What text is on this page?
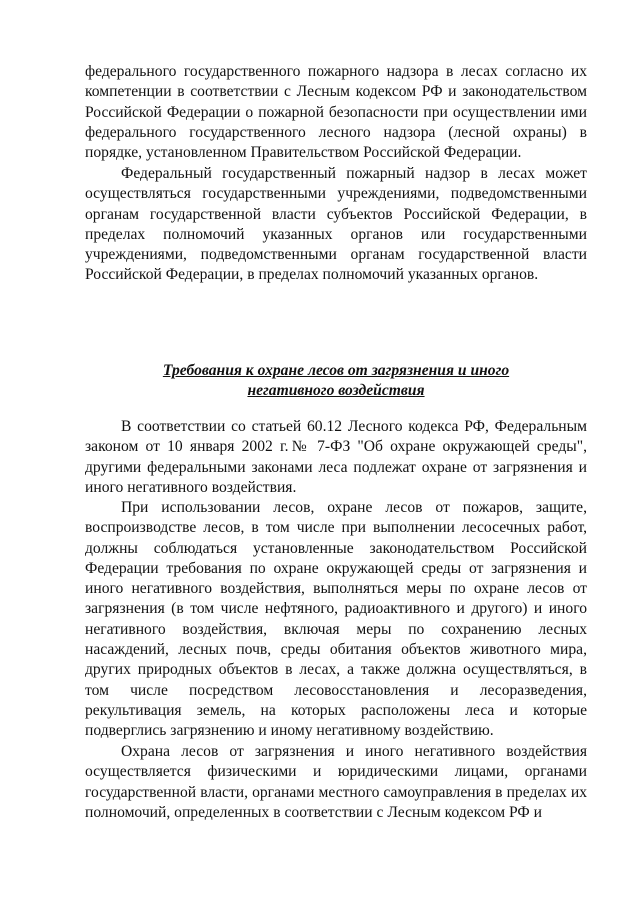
федерального государственного пожарного надзора в лесах согласно их компетенции в соответствии с Лесным кодексом РФ и законодательством Российской Федерации о пожарной безопасности при осуществлении ими федерального государственного лесного надзора (лесной охраны) в порядке, установленном Правительством Российской Федерации.

Федеральный государственный пожарный надзор в лесах может осуществляться государственными учреждениями, подведомственными органам государственной власти субъектов Российской Федерации, в пределах полномочий указанных органов или государственными учреждениями, подведомственными органам государственной власти Российской Федерации, в пределах полномочий указанных органов.

Требования к охране лесов от загрязнения и иного
негативного воздействия

В соответствии со статьей 60.12 Лесного кодекса РФ, Федеральным законом от 10 января 2002 г.№ 7-ФЗ "Об охране окружающей среды", другими федеральными законами леса подлежат охране от загрязнения и иного негативного воздействия.

При использовании лесов, охране лесов от пожаров, защите, воспроизводстве лесов, в том числе при выполнении лесосечных работ, должны соблюдаться установленные законодательством Российской Федерации требования по охране окружающей среды от загрязнения и иного негативного воздействия, выполняться меры по охране лесов от загрязнения (в том числе нефтяного, радиоактивного и другого) и иного негативного воздействия, включая меры по сохранению лесных насаждений, лесных почв, среды обитания объектов животного мира, других природных объектов в лесах, а также должна осуществляться, в том числе посредством лесовосстановления и лесоразведения, рекультивация земель, на которых расположены леса и которые подверглись загрязнению и иному негативному воздействию.

Охрана лесов от загрязнения и иного негативного воздействия осуществляется физическими и юридическими лицами, органами государственной власти, органами местного самоуправления в пределах их полномочий, определенных в соответствии с Лесным кодексом РФ и
